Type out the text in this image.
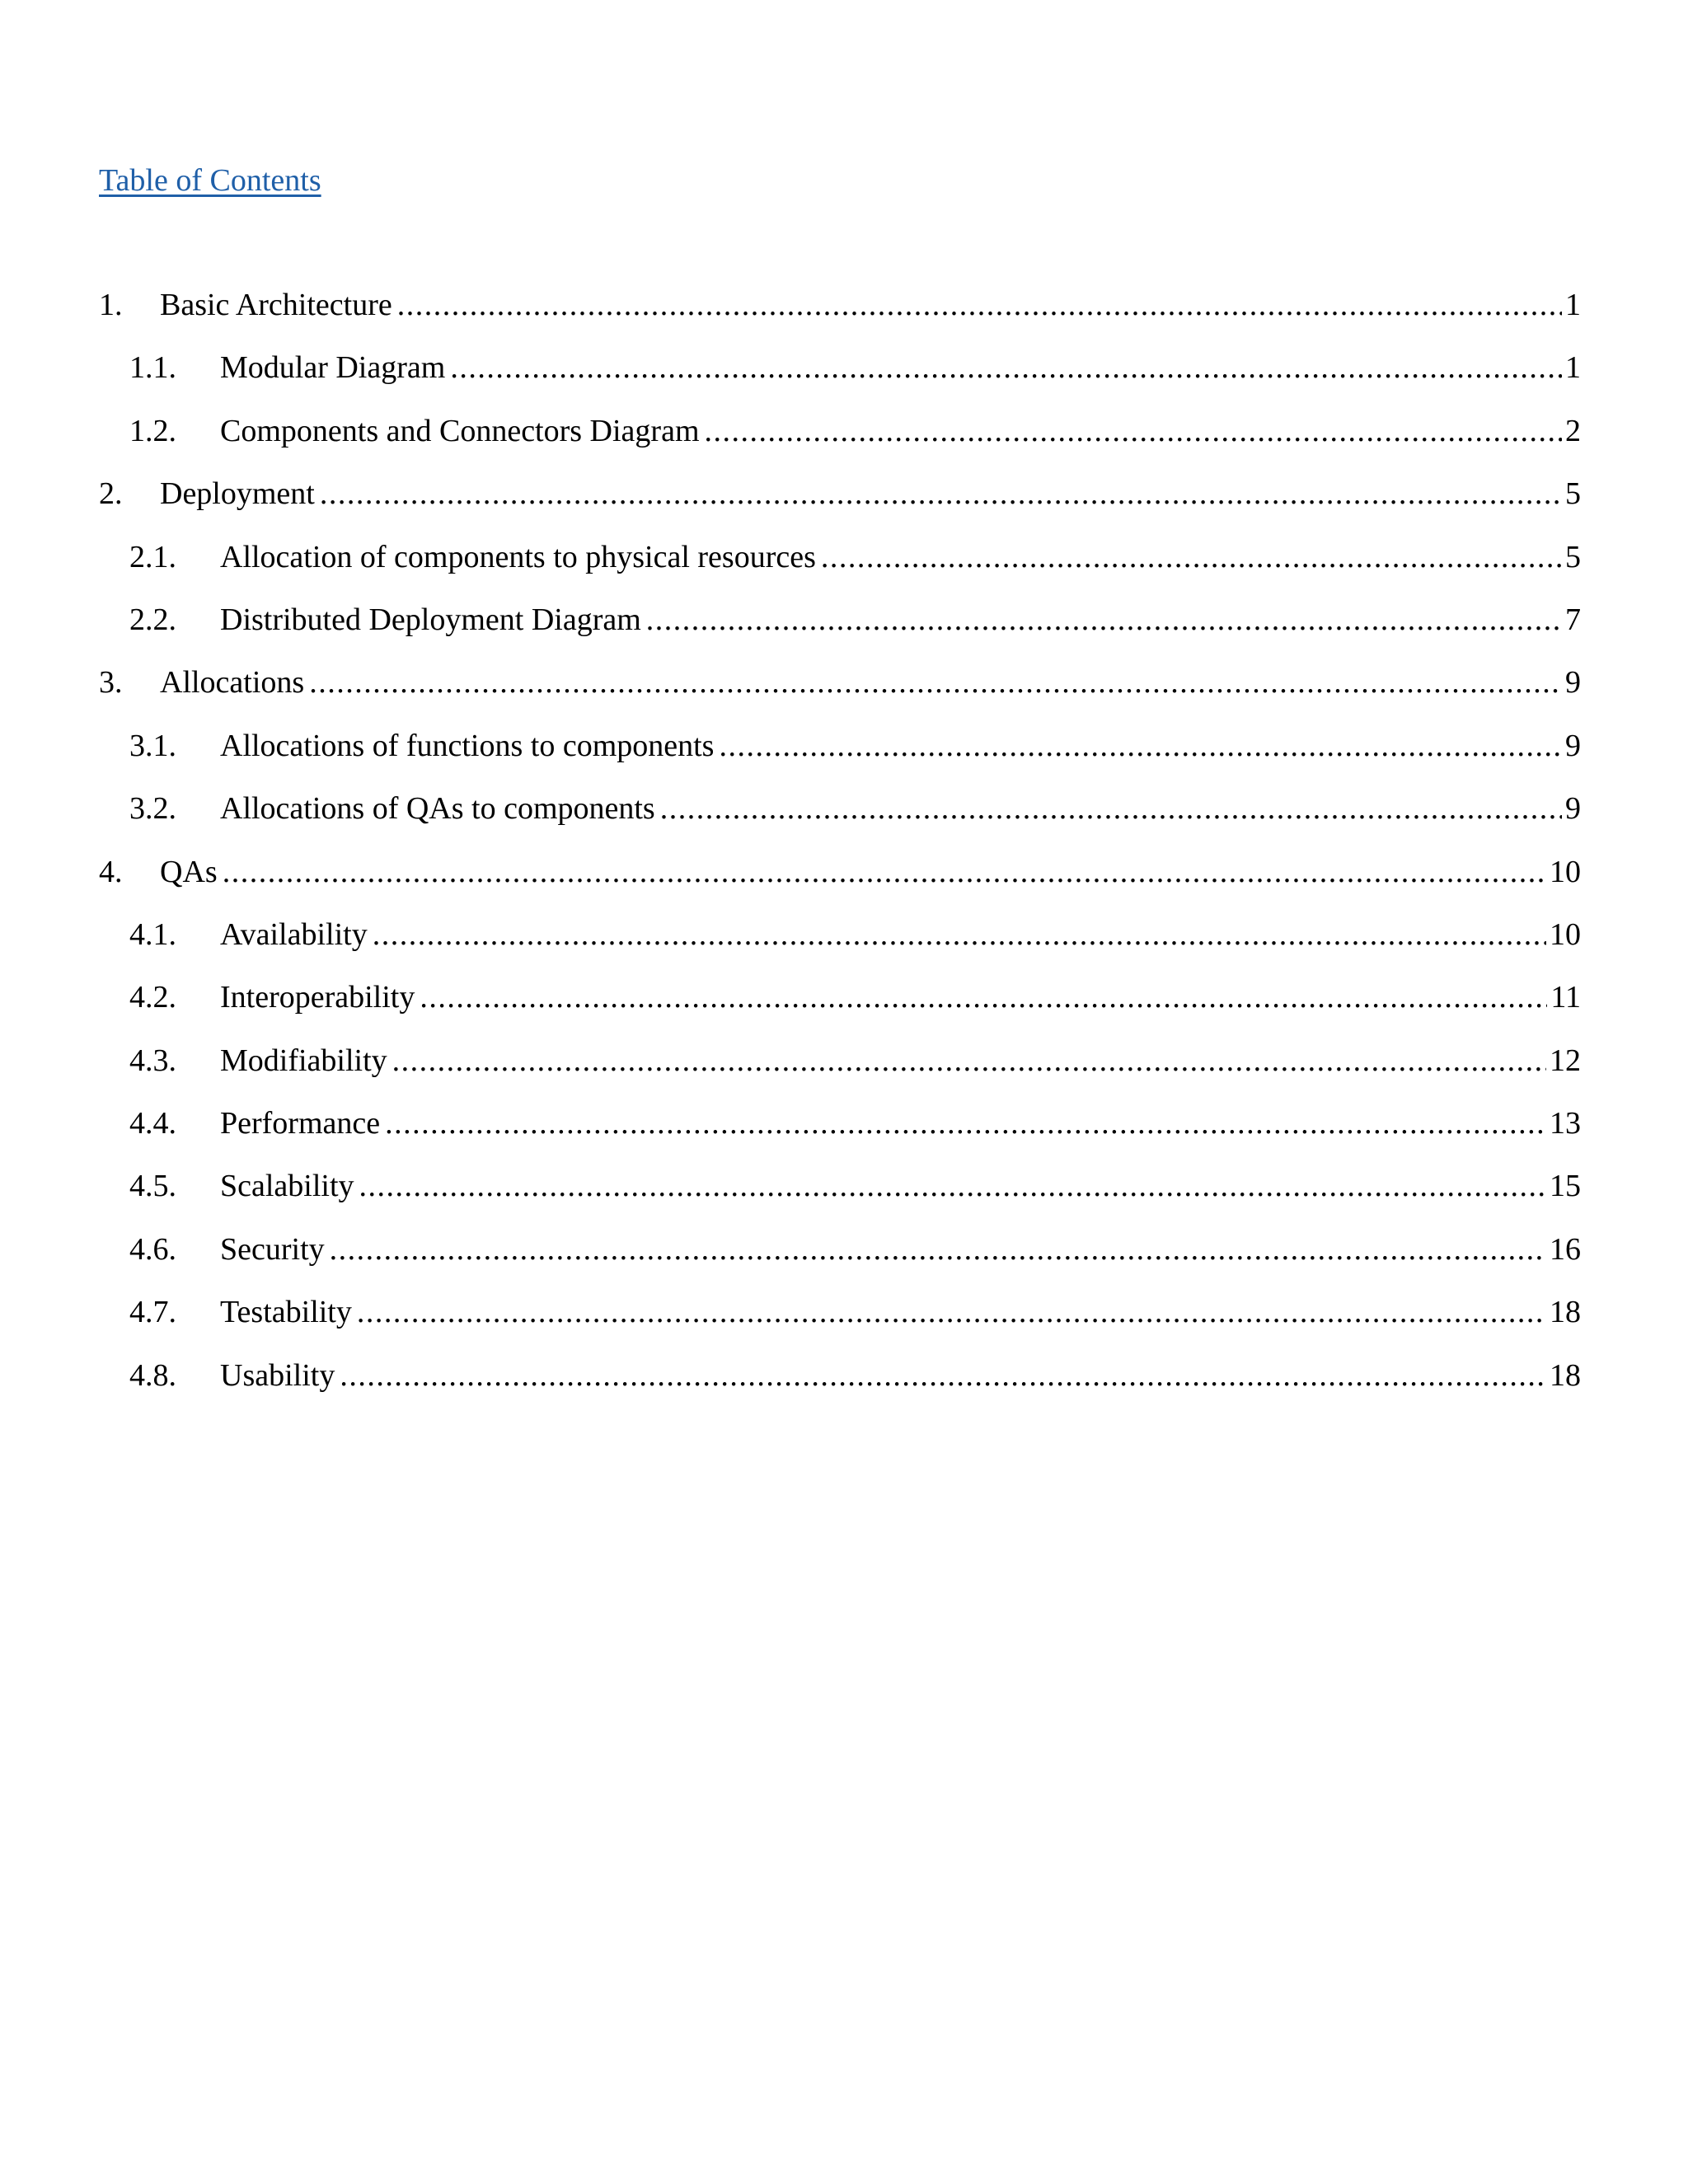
Table of Contents
1.	Basic Architecture .....	1
1.1.	Modular Diagram .....	1
1.2.	Components and Connectors Diagram .....	2
2.	Deployment .....	5
2.1.	Allocation of components to physical resources .....	5
2.2.	Distributed Deployment Diagram .....	7
3.	Allocations .....	9
3.1.	Allocations of functions to components .....	9
3.2.	Allocations of QAs to components .....	9
4.	QAs .....	10
4.1.	Availability .....	10
4.2.	Interoperability .....	11
4.3.	Modifiability .....	12
4.4.	Performance .....	13
4.5.	Scalability .....	15
4.6.	Security .....	16
4.7.	Testability .....	18
4.8.	Usability .....	18
